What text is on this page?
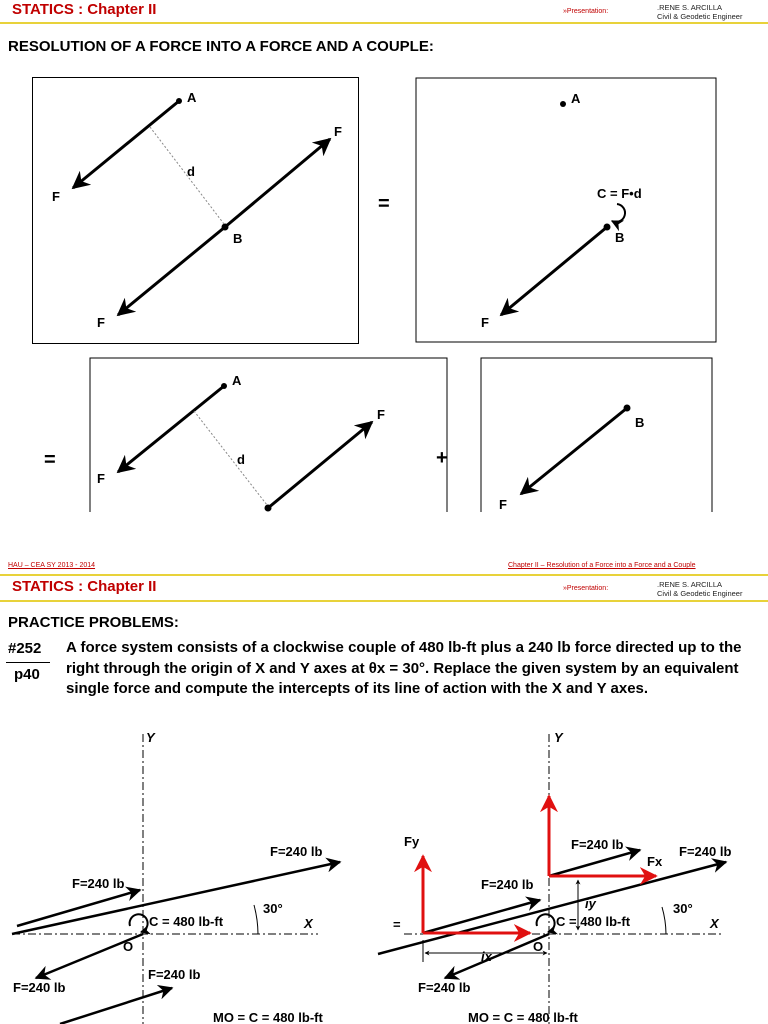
STATICS : Chapter II	»Presentation:	.RENE S. ARCILLA
Civil & Geodetic Engineer
RESOLUTION OF A FORCE INTO A FORCE AND A COUPLE:
A
d
F
F
B
F
=
A
C = F•d
B
F
=
A
d
F
F
B
+
B
F
HAU – CEA SY 2013 - 2014	Chapter II – Resolution of a Force into a Force and a Couple
STATICS : Chapter II	»Presentation:	.RENE S. ARCILLA
Civil & Geodetic Engineer
PRACTICE PROBLEMS:
#252
p40
A force system consists of a clockwise couple of 480 lb-ft plus a 240 lb force directed up to the right through the origin of X and Y axes at θx = 30°. Replace the given system by an equivalent single force and compute the intercepts of its line of action with the X and Y axes.
Y
X
F=240 lb
F=240 lb
C = 480 lb-ft
30°
O
F=240 lb
F=240 lb
MO = C = 480 lb-ft
=
Y
X
Fy	F=240 lb
Fx
F=240 lb
F=240 lb
iy
C = 480 lb-ft
30°
O
ix
F=240 lb
MO = C = 480 lb-ft
